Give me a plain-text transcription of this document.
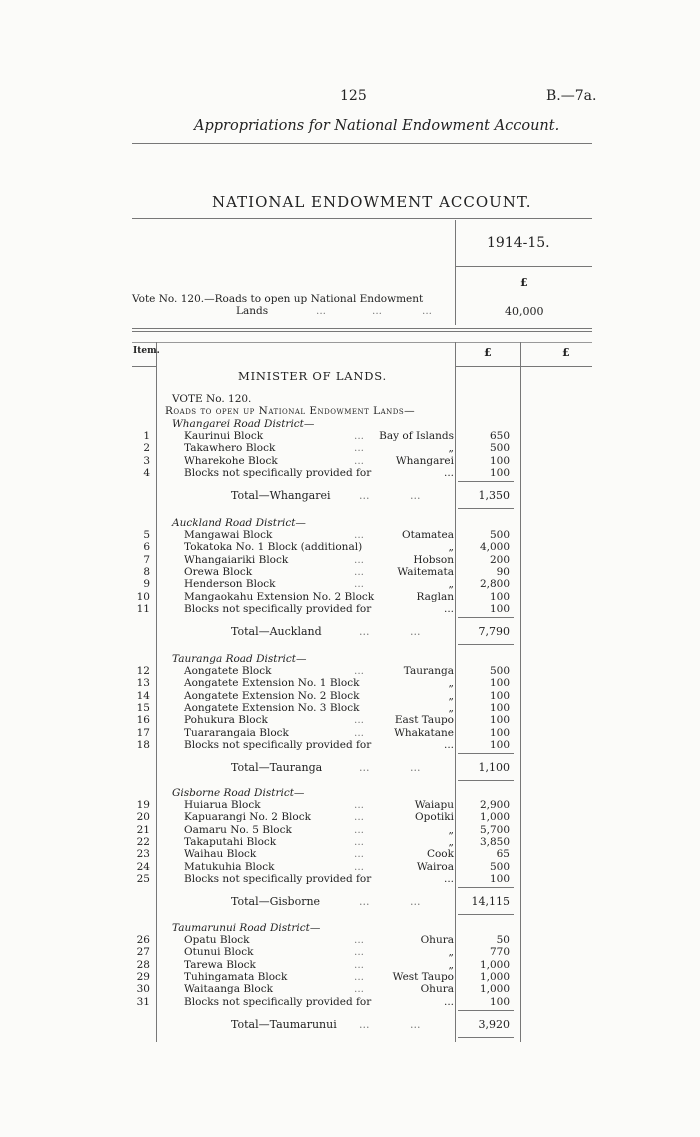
125	B.—7a.
Appropriations for National Endowment Account.
NATIONAL ENDOWMENT ACCOUNT.
1914-15.
£
Vote No. 120.—Roads to open up National Endowment
Lands	...	...	...	40,000
Item.	£	£
MINISTER OF LANDS.
VOTE No. 120.
Roads to open up National Endowment Lands—
Whangarei Road District—
1	Kaurinui Block	... Bay of Islands	650
2	Takawhero Block	...	„	500
3	Wharekohe Block	...	Whangarei	100
4	Blocks not specifically provided for	...	100
Total—Whangarei	...	...	1,350
Auckland Road District—
5	Mangawai Block	...	Otamatea	500
6	Tokatoka No. 1 Block (additional)	„ 4,000
7	Whangaiariki Block	...	Hobson	200
8	Orewa Block	...	Waitemata	90
9	Henderson Block	...	„ 2,800
10	Mangaokahu Extension No. 2 Block	Raglan	100
11	Blocks not specifically provided for	...	100
Total—Auckland	...	...	7,790
Tauranga Road District—
12	Aongatete Block	...	Tauranga	500
13	Aongatete Extension No. 1 Block	„	100
14	Aongatete Extension No. 2 Block	„	100
15	Aongatete Extension No. 3 Block	„	100
16	Pohukura Block	...	East Taupo	100
17	Tuararangaia Block	...	Whakatane	100
18	Blocks not specifically provided for	...	100
Total—Tauranga	...	...	1,100
Gisborne Road District—
19	Huiarua Block	...	Waiapu 2,900
20	Kapuarangi No. 2 Block	...	Opotiki 1,000
21	Oamaru No. 5 Block	...	„ 5,700
22	Takaputahi Block	...	„ 3,850
23	Waihau Block	...	Cook	65
24	Matukuhia Block	...	Wairoa	500
25	Blocks not specifically provided for	...	100
Total—Gisborne	...	...	14,115
Taumarunui Road District—
26	Opatu Block	...	Ohura	50
27	Otunui Block	...	„	770
28	Tarewa Block	...	„ 1,000
29	Tuhingamata Block	...	West Taupo 1,000
30	Waitaanga Block	...	Ohura 1,000
31	Blocks not specifically provided for	...	100
Total—Taumarunui ...	...	3,920
